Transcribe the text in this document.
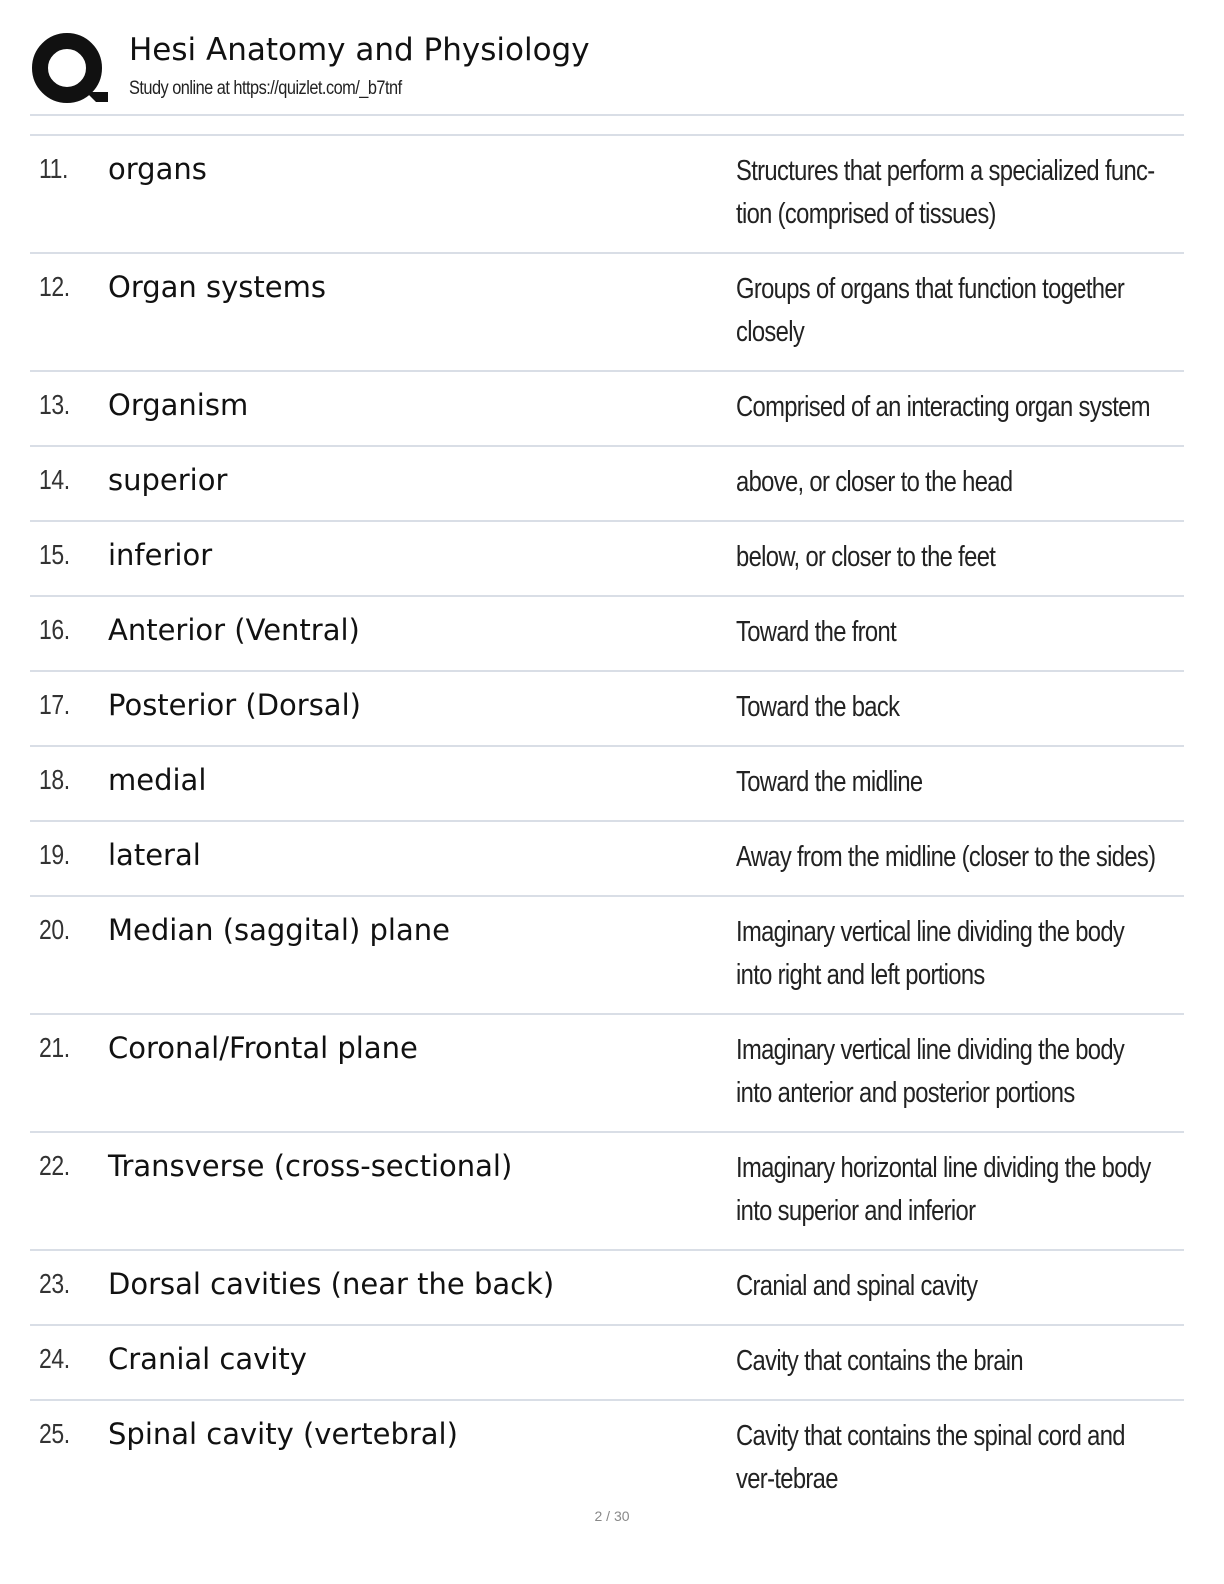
Hesi Anatomy and Physiology
Study online at https://quizlet.com/_b7tnf
11. organs	Structures that perform a specialized func-tion (comprised of tissues)
12. Organ systems	Groups of organs that function together closely
13. Organism	Comprised of an interacting organ system
14. superior	above, or closer to the head
15. inferior	below, or closer to the feet
16. Anterior (Ventral)	Toward the front
17. Posterior (Dorsal)	Toward the back
18. medial	Toward the midline
19. lateral	Away from the midline (closer to the sides)
20. Median (saggital) plane	Imaginary vertical line dividing the body into right and left portions
21. Coronal/Frontal plane	Imaginary vertical line dividing the body into anterior and posterior portions
22. Transverse (cross-sectional)	Imaginary horizontal line dividing the body into superior and inferior
23. Dorsal cavities (near the back)	Cranial and spinal cavity
24. Cranial cavity	Cavity that contains the brain
25. Spinal cavity (vertebral)	Cavity that contains the spinal cord and ver-tebrae
2 / 30
